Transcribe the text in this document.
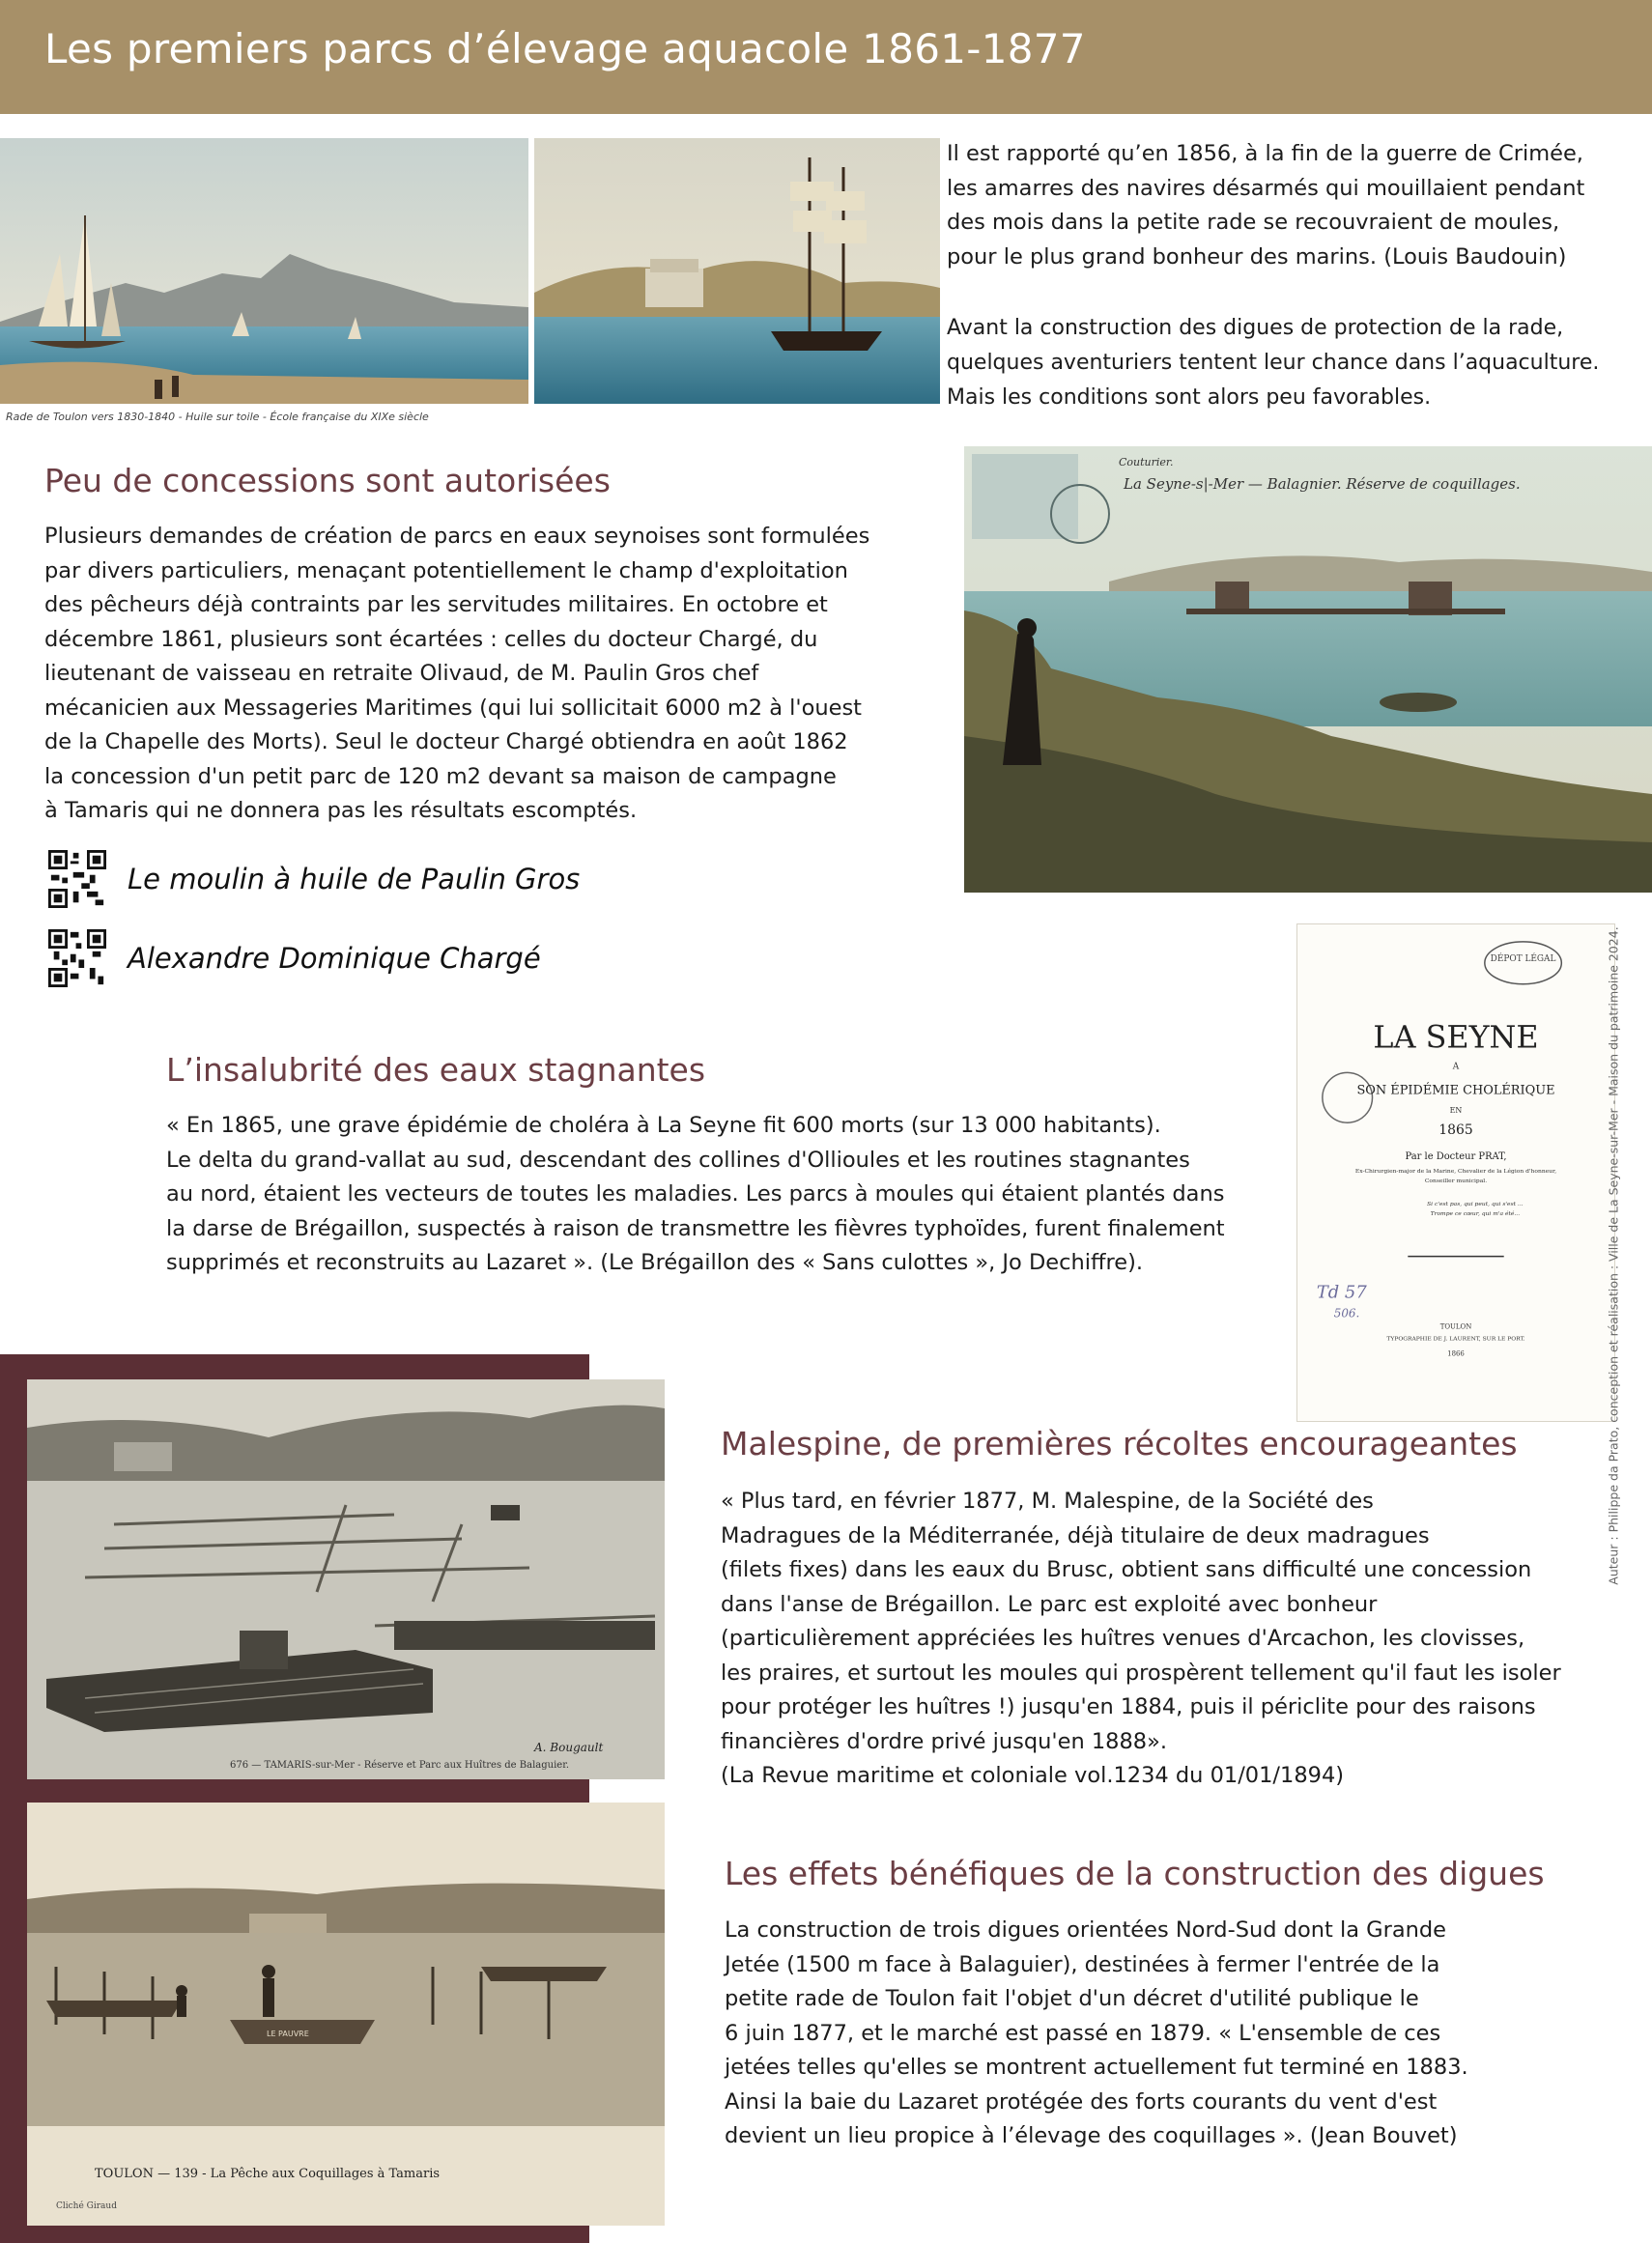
Les premiers parcs d’élevage aquacole 1861-1877
Rade de Toulon vers 1830-1840 - Huile sur toile - École française du XIXe siècle
Il est rapporté qu’en 1856, à la fin de la guerre de Crimée,
les amarres des navires désarmés qui mouillaient pendant
des mois dans la petite rade se recouvraient de moules,
pour le plus grand bonheur des marins. (Louis Baudouin)
Avant la construction des digues de protection de la rade,
quelques aventuriers tentent leur chance dans l’aquaculture.
Mais les conditions sont alors peu favorables.
Couturier.
La Seyne-s|-Mer — Balagnier. Réserve de coquillages.
Peu de concessions sont autorisées
Plusieurs demandes de création de parcs en eaux seynoises sont formulées
par divers particuliers, menaçant potentiellement le champ d'exploitation
des pêcheurs déjà contraints par les servitudes militaires. En octobre et
décembre 1861, plusieurs sont écartées : celles du docteur Chargé, du
lieutenant de vaisseau en retraite Olivaud, de M. Paulin Gros chef
mécanicien aux Messageries Maritimes (qui lui sollicitait 6000 m2 à l'ouest
de la Chapelle des Morts). Seul le docteur Chargé obtiendra en août 1862
la concession d'un petit parc de 120 m2 devant sa maison de campagne
à Tamaris qui ne donnera pas les résultats escomptés.
Le moulin à huile de Paulin Gros
Alexandre Dominique Chargé	DÉPOT LÉGAL
LA SEYNE
A
SON ÉPIDÉMIE CHOLÉRIQUE
EN
1865
Par le Docteur PRAT,
Ex-Chirurgien-major de la Marine, Chevalier de la Légion d'honneur,
Conseiller municipal.
Si c'est pas, qui peut, qui s'est ...
Trompe ce cœur, qui m'a été...
Td 57
506.
TOULON
TYPOGRAPHIE DE J. LAURENT, SUR LE PORT.
1866
L’insalubrité des eaux stagnantes
« En 1865, une grave épidémie de choléra à La Seyne fit 600 morts (sur 13 000 habitants).
Le delta du grand-vallat au sud, descendant des collines d'Ollioules et les routines stagnantes
au nord, étaient les vecteurs de toutes les maladies. Les parcs à moules qui étaient plantés dans
la darse de Brégaillon, suspectés à raison de transmettre les fièvres typhoïdes, furent finalement
supprimés et reconstruits au Lazaret ». (Le Brégaillon des « Sans culottes », Jo Dechiffre).
A. Bougault
676 — TAMARIS-sur-Mer - Réserve et Parc aux Huîtres de Balaguier.
LE PAUVRE
TOULON — 139 - La Pêche aux Coquillages à Tamaris
Cliché Giraud
Malespine, de premières récoltes encourageantes
« Plus tard, en février 1877, M. Malespine, de la Société des
Madragues de la Méditerranée, déjà titulaire de deux madragues
(filets fixes) dans les eaux du Brusc, obtient sans difficulté une concession
dans l'anse de Brégaillon. Le parc est exploité avec bonheur
(particulièrement appréciées les huîtres venues d'Arcachon, les clovisses,
les praires, et surtout les moules qui prospèrent tellement qu'il faut les isoler
pour protéger les huîtres !) jusqu'en 1884, puis il périclite pour des raisons
financières d'ordre privé jusqu'en 1888».
(La Revue maritime et coloniale vol.1234 du 01/01/1894)
Les effets bénéfiques de la construction des digues
La construction de trois digues orientées Nord-Sud dont la Grande
Jetée (1500 m face à Balaguier), destinées à fermer l'entrée de la
petite rade de Toulon fait l'objet d'un décret d'utilité publique le
6 juin 1877, et le marché est passé en 1879. « L'ensemble de ces
jetées telles qu'elles se montrent actuellement fut terminé en 1883.
Ainsi la baie du Lazaret protégée des forts courants du vent d'est
devient un lieu propice à l’élevage des coquillages ». (Jean Bouvet)
Auteur : Philippe da Prato, conception et réalisation : Ville de La Seyne-sur-Mer - Maison du patrimoine 2024.
